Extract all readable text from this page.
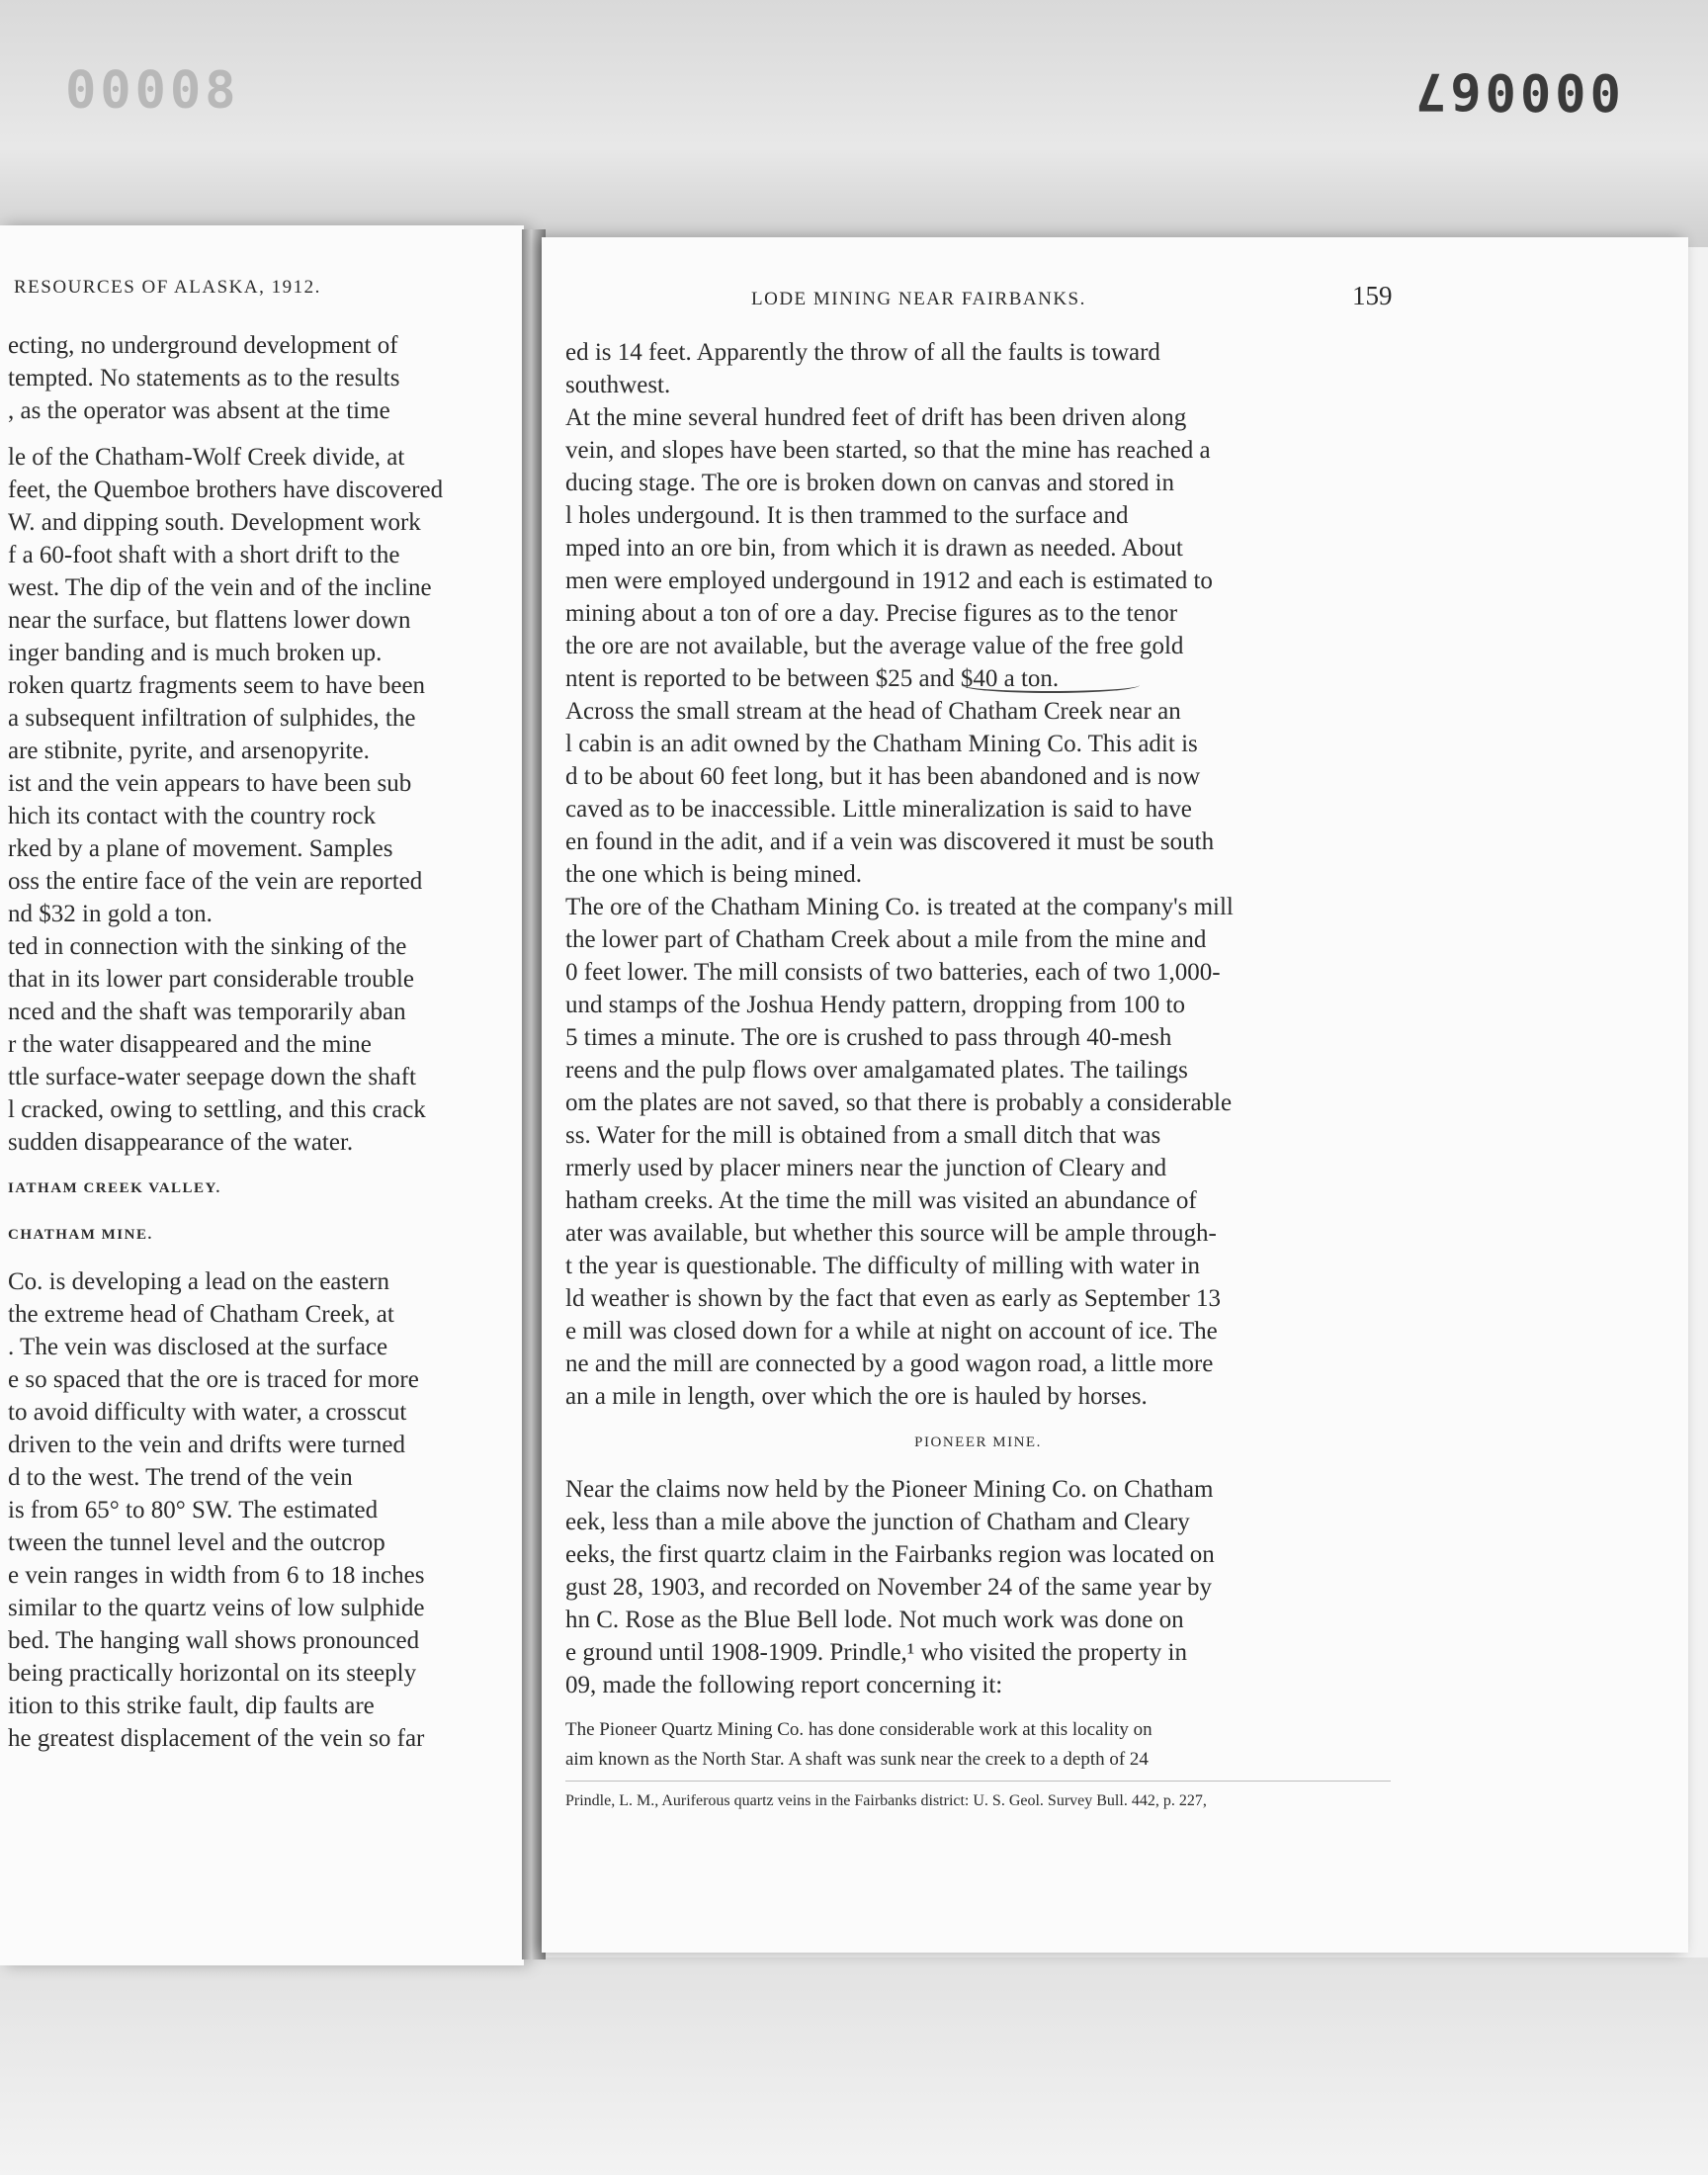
80000	000067
RESOURCES OF ALASKA, 1912.
ecting, no underground development of
tempted. No statements as to the results
, as the operator was absent at the time
le of the Chatham-Wolf Creek divide, at
feet, the Quemboe brothers have discovered
W. and dipping south. Development work
f a 60-foot shaft with a short drift to the
west. The dip of the vein and of the incline
near the surface, but flattens lower down
inger banding and is much broken up.
roken quartz fragments seem to have been
a subsequent infiltration of sulphides, the
are stibnite, pyrite, and arsenopyrite.
ist and the vein appears to have been sub
hich its contact with the country rock
rked by a plane of movement. Samples
oss the entire face of the vein are reported
nd $32 in gold a ton.
ted in connection with the sinking of the
that in its lower part considerable trouble
nced and the shaft was temporarily aban
r the water disappeared and the mine
ttle surface-water seepage down the shaft
l cracked, owing to settling, and this crack
sudden disappearance of the water.
IATHAM CREEK VALLEY.
CHATHAM MINE.
Co. is developing a lead on the eastern
the extreme head of Chatham Creek, at
. The vein was disclosed at the surface
e so spaced that the ore is traced for more
to avoid difficulty with water, a crosscut
driven to the vein and drifts were turned
d to the west. The trend of the vein
is from 65° to 80° SW. The estimated
tween the tunnel level and the outcrop
e vein ranges in width from 6 to 18 inches
similar to the quartz veins of low sulphide
bed. The hanging wall shows pronounced
being practically horizontal on its steeply
ition to this strike fault, dip faults are
he greatest displacement of the vein so far
LODE MINING NEAR FAIRBANKS.	159
ed is 14 feet. Apparently the throw of all the faults is toward
southwest.
At the mine several hundred feet of drift has been driven along
vein, and slopes have been started, so that the mine has reached a
ducing stage. The ore is broken down on canvas and stored in
l holes undergound. It is then trammed to the surface and
mped into an ore bin, from which it is drawn as needed. About
men were employed undergound in 1912 and each is estimated to
mining about a ton of ore a day. Precise figures as to the tenor
the ore are not available, but the average value of the free gold
ntent is reported to be between $25 and $40 a ton.
Across the small stream at the head of Chatham Creek near an
l cabin is an adit owned by the Chatham Mining Co. This adit is
d to be about 60 feet long, but it has been abandoned and is now
caved as to be inaccessible. Little mineralization is said to have
en found in the adit, and if a vein was discovered it must be south
the one which is being mined.
The ore of the Chatham Mining Co. is treated at the company's mill
the lower part of Chatham Creek about a mile from the mine and
0 feet lower. The mill consists of two batteries, each of two 1,000-
und stamps of the Joshua Hendy pattern, dropping from 100 to
5 times a minute. The ore is crushed to pass through 40-mesh
reens and the pulp flows over amalgamated plates. The tailings
om the plates are not saved, so that there is probably a considerable
ss. Water for the mill is obtained from a small ditch that was
rmerly used by placer miners near the junction of Cleary and
hatham creeks. At the time the mill was visited an abundance of
ater was available, but whether this source will be ample through-
t the year is questionable. The difficulty of milling with water in
ld weather is shown by the fact that even as early as September 13
e mill was closed down for a while at night on account of ice. The
ne and the mill are connected by a good wagon road, a little more
an a mile in length, over which the ore is hauled by horses.
PIONEER MINE.
Near the claims now held by the Pioneer Mining Co. on Chatham
eek, less than a mile above the junction of Chatham and Cleary
eeks, the first quartz claim in the Fairbanks region was located on
gust 28, 1903, and recorded on November 24 of the same year by
hn C. Rose as the Blue Bell lode. Not much work was done on
e ground until 1908-1909. Prindle,¹ who visited the property in
09, made the following report concerning it:
The Pioneer Quartz Mining Co. has done considerable work at this locality on
aim known as the North Star. A shaft was sunk near the creek to a depth of 24
Prindle, L. M., Auriferous quartz veins in the Fairbanks district: U. S. Geol. Survey Bull. 442, p. 227,
